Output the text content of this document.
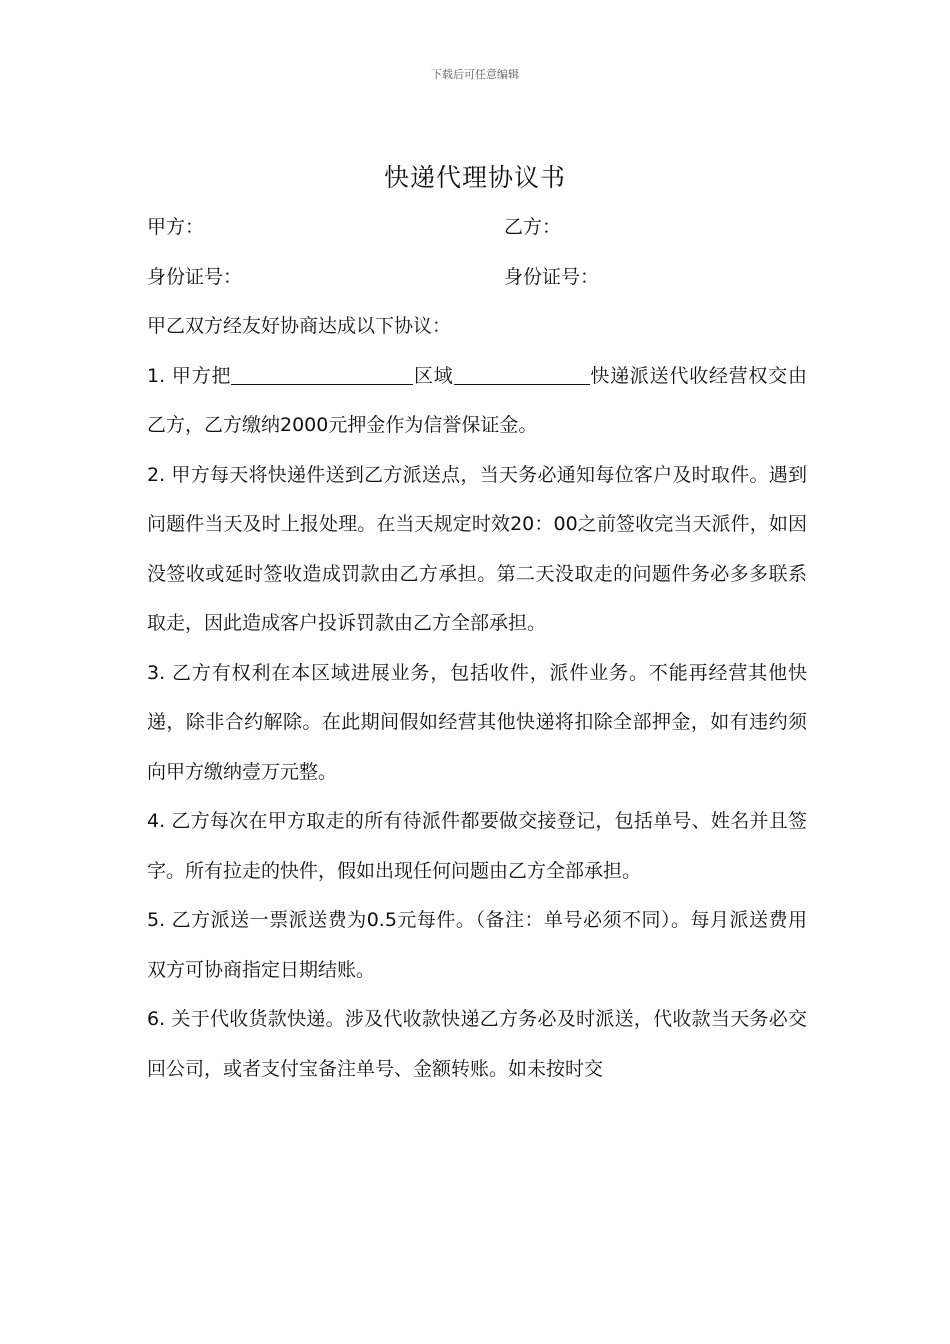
下载后可任意编辑
快递代理协议书
甲方：	乙方：
身份证号：	身份证号：

甲乙双方经友好协商达成以下协议：

1. 甲方把	区域	快递派送代收经营权交由乙方，乙方缴纳2000元押金作为信誉保证金。

2. 甲方每天将快递件送到乙方派送点，当天务必通知每位客户及时取件。遇到问题件当天及时上报处理。在当天规定时效20：00之前签收完当天派件，如因没签收或延时签收造成罚款由乙方承担。第二天没取走的问题件务必多多联系取走，因此造成客户投诉罚款由乙方全部承担。

3. 乙方有权利在本区域进展业务，包括收件，派件业务。不能再经营其他快递，除非合约解除。在此期间假如经营其他快递将扣除全部押金，如有违约须向甲方缴纳壹万元整。

4. 乙方每次在甲方取走的所有待派件都要做交接登记，包括单号、姓名并且签字。所有拉走的快件，假如出现任何问题由乙方全部承担。

5. 乙方派送一票派送费为0.5元每件。（备注：单号必须不同）。每月派送费用双方可协商指定日期结账。

6. 关于代收货款快递。涉及代收款快递乙方务必及时派送，代收款当天务必交回公司，或者支付宝备注单号、金额转账。如未按时交
